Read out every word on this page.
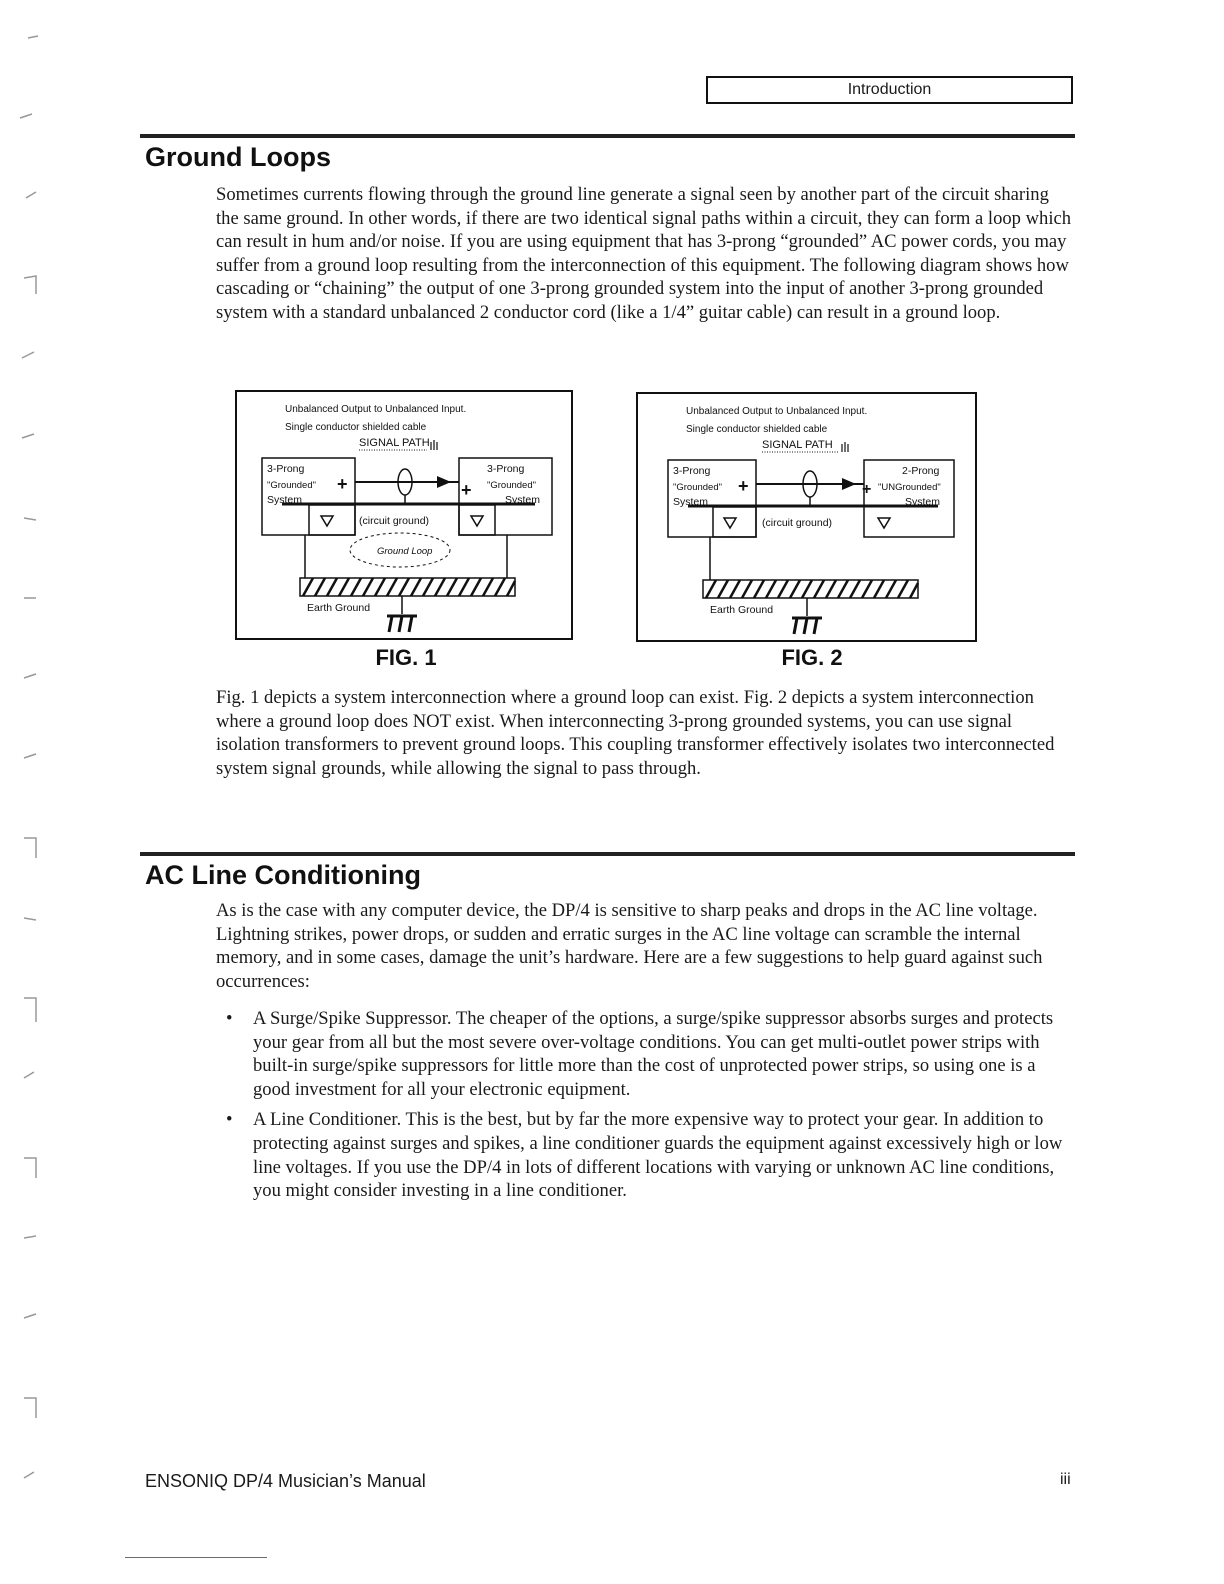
Introduction
Ground Loops

Sometimes currents flowing through the ground line generate a signal seen by another part of the circuit sharing the same ground. In other words, if there are two identical signal paths within a circuit, they can form a loop which can result in hum and/or noise. If you are using equipment that has 3-prong “grounded” AC power cords, you may suffer from a ground loop resulting from the interconnection of this equipment. The following diagram shows how cascading or “chaining” the output of one 3-prong grounded system into the input of another 3-prong grounded system with a standard unbalanced 2 conductor cord (like a 1/4” guitar cable) can result in a ground loop.

Unbalanced Output to Unbalanced Input.
Single conductor shielded cable
SIGNAL PATH
3-Prong
"Grounded"
System
3-Prong
"Grounded"
System
+	+
(circuit ground)
Ground Loop
Earth Ground
FIG. 1
Unbalanced Output to Unbalanced Input.
Single conductor shielded cable
SIGNAL PATH
3-Prong
"Grounded"
System
2-Prong
"UNGrounded"
System
+	+
(circuit ground)
Earth Ground
FIG. 2

Fig. 1 depicts a system interconnection where a ground loop can exist. Fig. 2 depicts a system interconnection where a ground loop does NOT exist. When interconnecting 3-prong grounded systems, you can use signal isolation transformers to prevent ground loops. This coupling transformer effectively isolates two interconnected system signal grounds, while allowing the signal to pass through.

AC Line Conditioning

As is the case with any computer device, the DP/4 is sensitive to sharp peaks and drops in the AC line voltage. Lightning strikes, power drops, or sudden and erratic surges in the AC line voltage can scramble the internal memory, and in some cases, damage the unit’s hardware. Here are a few suggestions to help guard against such occurrences:

• A Surge/Spike Suppressor. The cheaper of the options, a surge/spike suppressor absorbs surges and protects your gear from all but the most severe over-voltage conditions. You can get multi-outlet power strips with built-in surge/spike suppressors for little more than the cost of unprotected power strips, so using one is a good investment for all your electronic equipment.
• A Line Conditioner. This is the best, but by far the more expensive way to protect your gear. In addition to protecting against surges and spikes, a line conditioner guards the equipment against excessively high or low line voltages. If you use the DP/4 in lots of different locations with varying or unknown AC line conditions, you might consider investing in a line conditioner.
ENSONIQ DP/4 Musician’s Manual	iii
